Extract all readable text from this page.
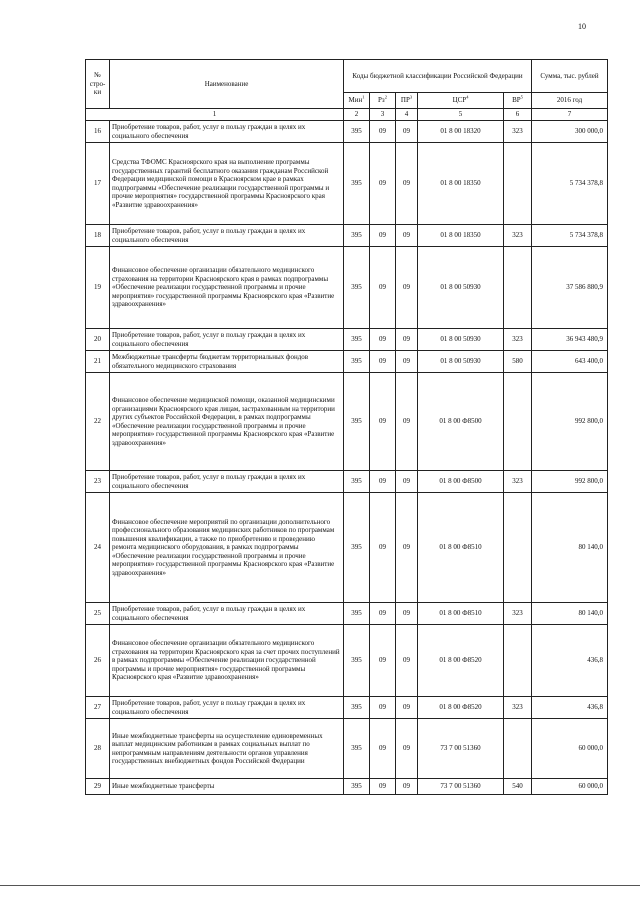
10
№ стро-ки	Наименование	Коды бюджетной классификации Российской Федерации					Сумма, тыс. рублей
		Мин$^1$	$Рз^2$	$ПР^3$	ЦСР$^4$	$ВР^5$	2016 год
1		2	3	4	5	6	7
16	Приобретение товаров, работ, услуг в пользу граждан в целях их социального обеспечения	395	09	09	01 8 00 18320	323	300 000,0
17	Средства ТФОМС Красноярского края на выполнение программы государственных гарантий бесплатного оказания гражданам Российской Федерации медицинской помощи в Красноярском крае в рамках подпрограммы «Обеспечение реализации государственной программы и прочие мероприятия» государственной программы Красноярского края «Развитие здравоохранения»	395	09	09	01 8 00 18350		5 734 378,8
18	Приобретение товаров, работ, услуг в пользу граждан в целях их социального обеспечения	395	09	09	01 8 00 18350	323	5 734 378,8
19	Финансовое обеспечение организации обязательного медицинского страхования на территории Красноярского края в рамках подпрограммы «Обеспечение реализации государственной программы и прочие мероприятия» государственной программы Красноярского края «Развитие здравоохранения»	395	09	09	01 8 00 50930		37 586 880,9
20	Приобретение товаров, работ, услуг в пользу граждан в целях их социального обеспечения	395	09	09	01 8 00 50930	323	36 943 480,9
21	Межбюджетные трансферты бюджетам территориальных фондов обязательного медицинского страхования	395	09	09	01 8 00 50930	580	643 400,0
22	Финансовое обеспечение медицинской помощи, оказанной медицинскими организациями Красноярского края лицам, застрахованным на территории других субъектов Российской Федерации, в рамках подпрограммы «Обеспечение реализации государственной программы и прочие мероприятия» государственной программы Красноярского края «Развитие здравоохранения»	395	09	09	01 8 00 Ф8500		992 800,0
23	Приобретение товаров, работ, услуг в пользу граждан в целях их социального обеспечения	395	09	09	01 8 00 Ф8500	323	992 800,0
24	Финансовое обеспечение мероприятий по организации дополнительного профессионального образования медицинских работников по программам повышения квалификации, а также по приобретению и проведению ремонта медицинского оборудования, в рамках подпрограммы «Обеспечение реализации государственной программы и прочие мероприятия» государственной программы Красноярского края «Развитие здравоохранения»	395	09	09	01 8 00 Ф8510		80 140,0
25	Приобретение товаров, работ, услуг в пользу граждан в целях их социального обеспечения	395	09	09	01 8 00 Ф8510	323	80 140,0
26	Финансовое обеспечение организации обязательного медицинского страхования на территории Красноярского края за счет прочих поступлений в рамках подпрограммы «Обеспечение реализации государственной программы и прочие мероприятия» государственной программы Красноярского края «Развитие здравоохранения»	395	09	09	01 8 00 Ф8520		436,8
27	Приобретение товаров, работ, услуг в пользу граждан в целях их социального обеспечения	395	09	09	01 8 00 Ф8520	323	436,8
28	Иные межбюджетные трансферты на осуществление единовременных выплат медицинским работникам в рамках социальных выплат по непрограммным направлениям деятельности органов управления государственных внебюджетных фондов Российской Федерации	395	09	09	73 7 00 51360		60 000,0
29	Иные межбюджетные трансферты	395	09	09	73 7 00 51360	540	60 000,0
